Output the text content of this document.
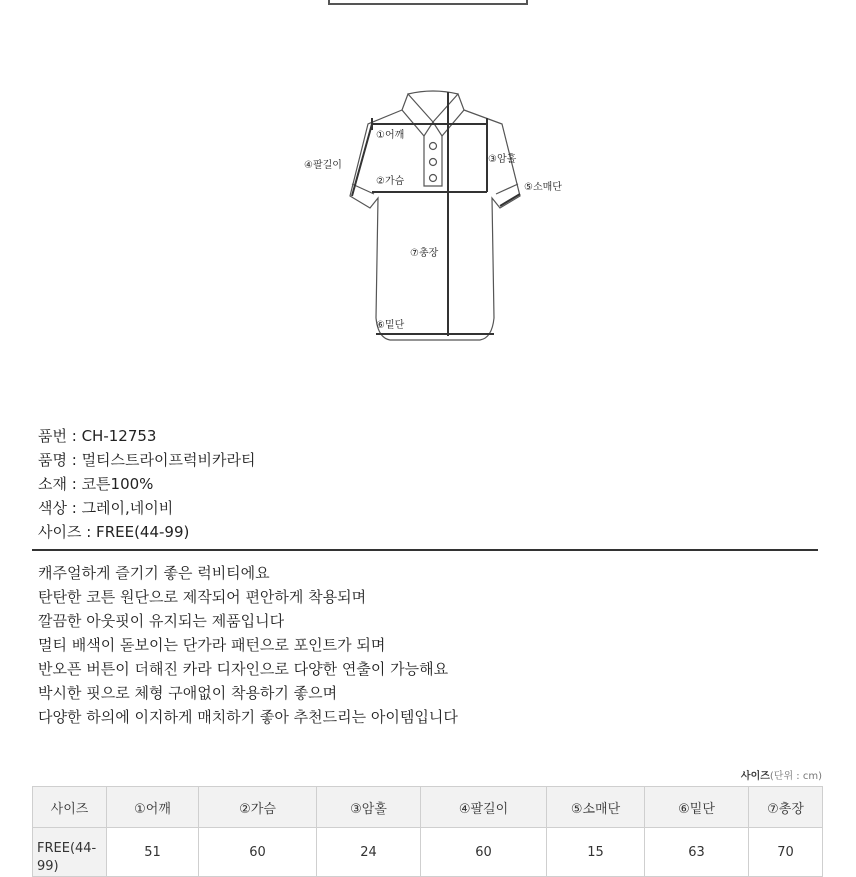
①어깨
②가슴
③암홀
④팔길이
⑤소매단
⑦총장
⑥밑단
품번 : CH-12753
품명 : 멀티스트라이프럭비카라티
소재 : 코튼100%
색상 : 그레이,네이비
사이즈 : FREE(44-99)
캐주얼하게 즐기기 좋은 럭비티에요
탄탄한 코튼 원단으로 제작되어 편안하게 착용되며
깔끔한 아웃핏이 유지되는 제품입니다
멀티 배색이 돋보이는 단가라 패턴으로 포인트가 되며
반오픈 버튼이 더해진 카라 디자인으로 다양한 연출이 가능해요
박시한 핏으로 체형 구애없이 착용하기 좋으며
다양한 하의에 이지하게 매치하기 좋아 추천드리는 아이템입니다
사이즈(단위 : cm)
사이즈	①어깨	②가슴	③암홀	④팔길이	⑤소매단	⑥밑단	⑦총장
FREE(44-99)	51	60	24	60	15	63	70
